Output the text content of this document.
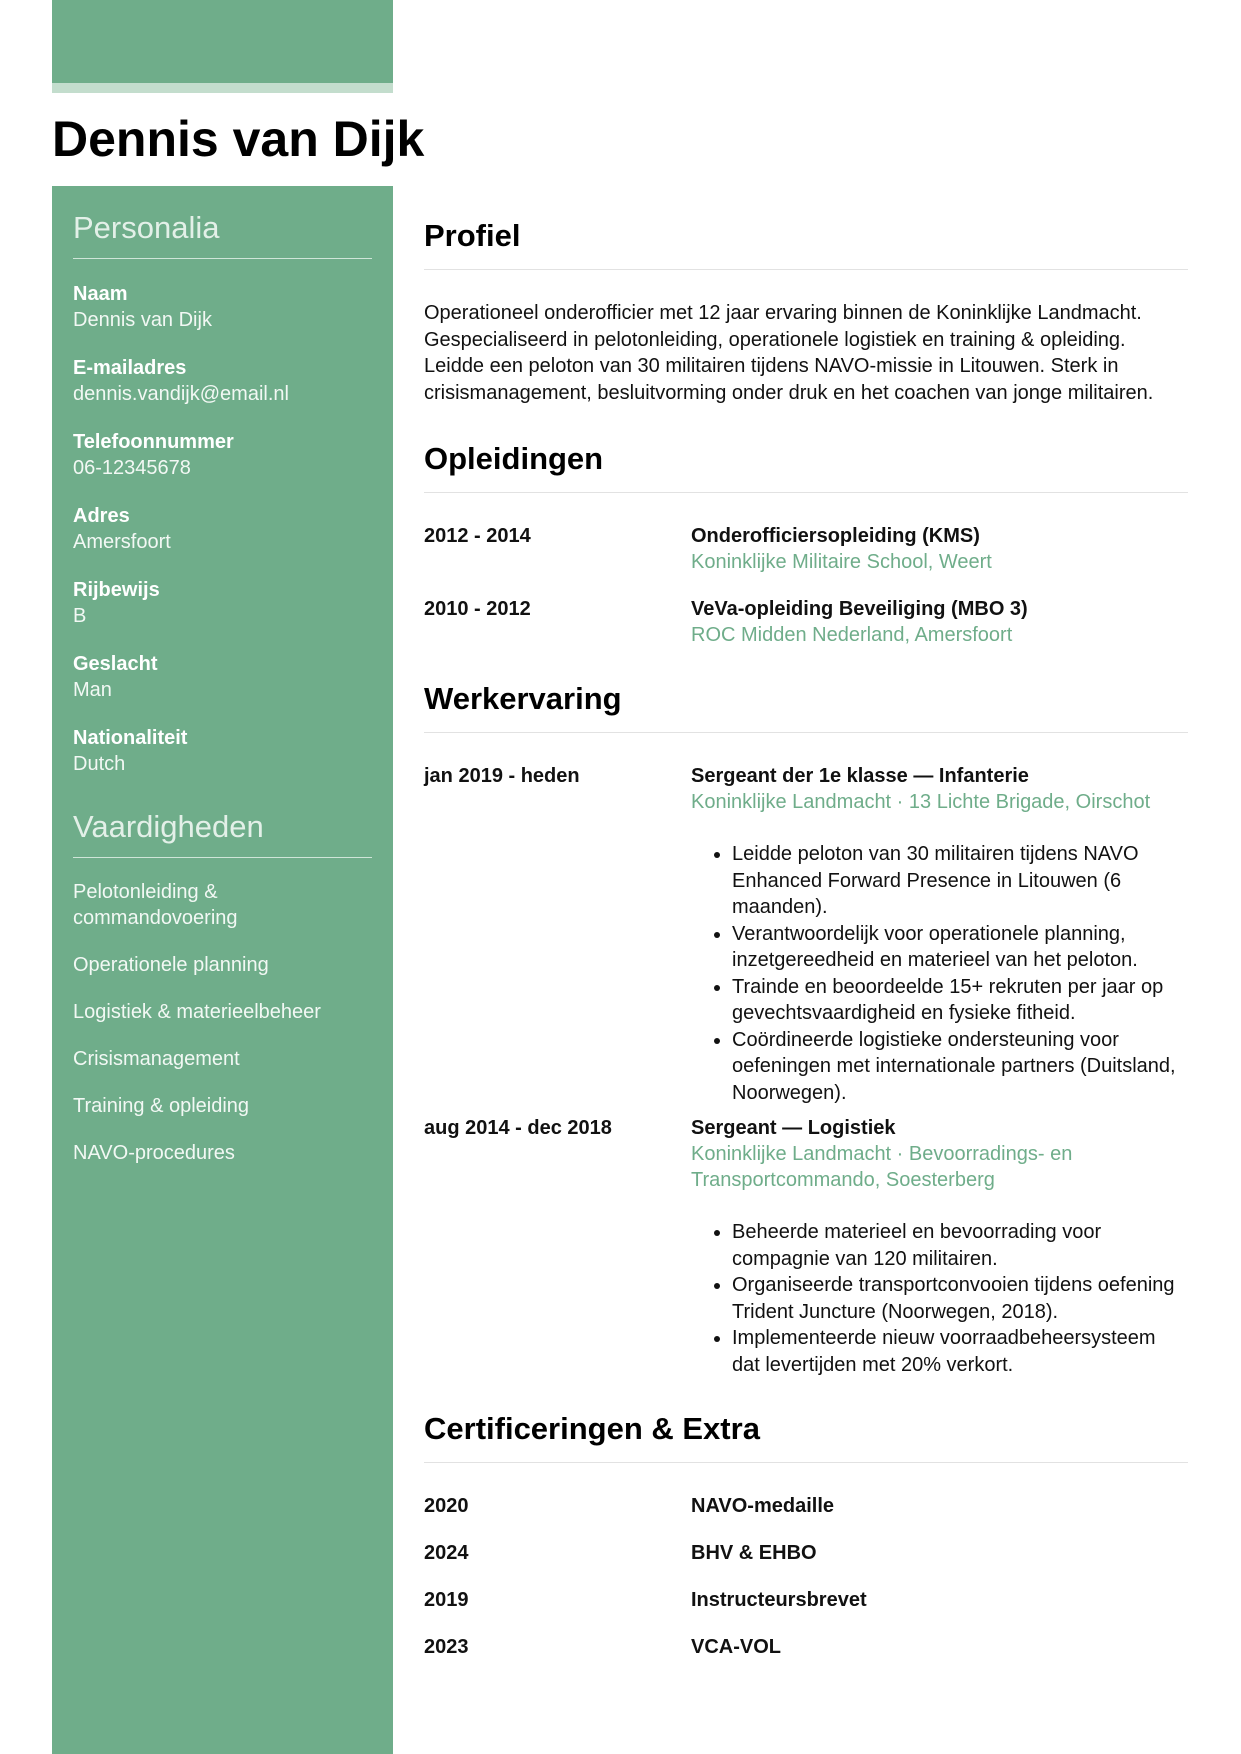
Dennis van Dijk
Personalia
Naam
Dennis van Dijk
E-mailadres
dennis.vandijk@email.nl
Telefoonnummer
06-12345678
Adres
Amersfoort
Rijbewijs
B
Geslacht
Man
Nationaliteit
Dutch
Vaardigheden
Pelotonleiding & commandovoering
Operationele planning
Logistiek & materieelbeheer
Crisismanagement
Training & opleiding
NAVO-procedures
Profiel
Operationeel onderofficier met 12 jaar ervaring binnen de Koninklijke Landmacht. Gespecialiseerd in pelotonleiding, operationele logistiek en training & opleiding. Leidde een peloton van 30 militairen tijdens NAVO-missie in Litouwen. Sterk in crisismanagement, besluitvorming onder druk en het coachen van jonge militairen.
Opleidingen
2012 - 2014	Onderofficiersopleiding (KMS)
Koninklijke Militaire School, Weert
2010 - 2012	VeVa-opleiding Beveiliging (MBO 3)
ROC Midden Nederland, Amersfoort
Werkervaring
jan 2019 - heden	Sergeant der 1e klasse — Infanterie
Koninklijke Landmacht · 13 Lichte Brigade, Oirschot
• Leidde peloton van 30 militairen tijdens NAVO Enhanced Forward Presence in Litouwen (6 maanden).
• Verantwoordelijk voor operationele planning, inzetgereedheid en materieel van het peloton.
• Trainde en beoordeelde 15+ rekruten per jaar op gevechtsvaardigheid en fysieke fitheid.
• Coördineerde logistieke ondersteuning voor oefeningen met internationale partners (Duitsland, Noorwegen).
aug 2014 - dec 2018	Sergeant — Logistiek
Koninklijke Landmacht · Bevoorradings- en Transportcommando, Soesterberg
• Beheerde materieel en bevoorrading voor compagnie van 120 militairen.
• Organiseerde transportconvooien tijdens oefening Trident Juncture (Noorwegen, 2018).
• Implementeerde nieuw voorraadbeheersysteem dat levertijden met 20% verkort.
Certificeringen & Extra
2020	NAVO-medaille
2024	BHV & EHBO
2019	Instructeursbrevet
2023	VCA-VOL
